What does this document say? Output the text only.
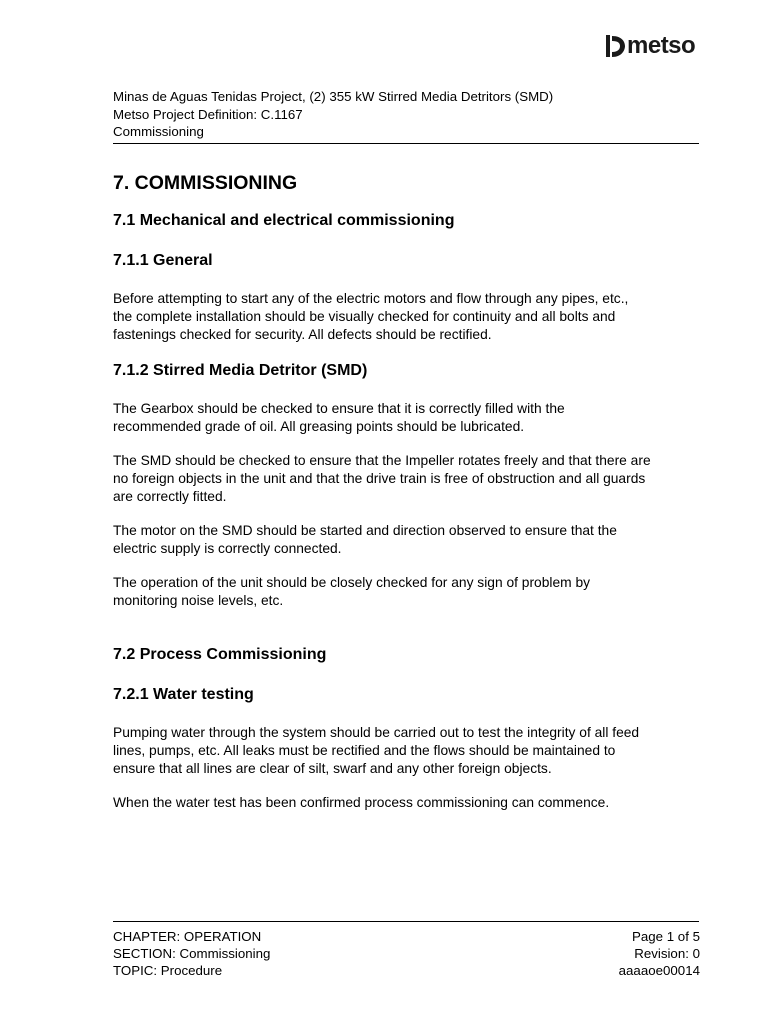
metso
Minas de Aguas Tenidas Project, (2) 355 kW Stirred Media Detritors (SMD)
Metso Project Definition: C.1167
Commissioning
7. COMMISSIONING
7.1 Mechanical and electrical commissioning
7.1.1 General

Before attempting to start any of the electric motors and flow through any pipes, etc.,
the complete installation should be visually checked for continuity and all bolts and
fastenings checked for security. All defects should be rectified.

7.1.2 Stirred Media Detritor (SMD)

The Gearbox should be checked to ensure that it is correctly filled with the
recommended grade of oil. All greasing points should be lubricated.

The SMD should be checked to ensure that the Impeller rotates freely and that there are
no foreign objects in the unit and that the drive train is free of obstruction and all guards
are correctly fitted.

The motor on the SMD should be started and direction observed to ensure that the
electric supply is correctly connected.

The operation of the unit should be closely checked for any sign of problem by
monitoring noise levels, etc.

7.2 Process Commissioning
7.2.1 Water testing

Pumping water through the system should be carried out to test the integrity of all feed
lines, pumps, etc. All leaks must be rectified and the flows should be maintained to
ensure that all lines are clear of silt, swarf and any other foreign objects.

When the water test has been confirmed process commissioning can commence.

CHAPTER: OPERATION
SECTION: Commissioning
TOPIC: Procedure
Page 1 of 5
Revision: 0
aaaaoe00014
